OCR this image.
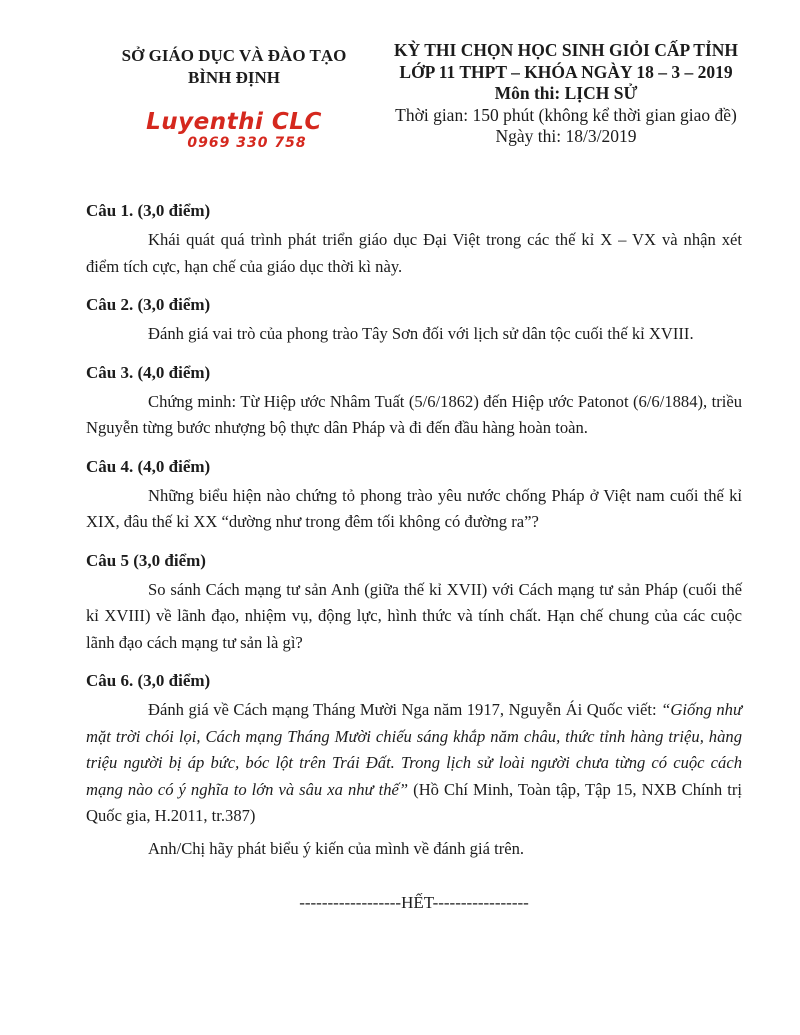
SỞ GIÁO DỤC VÀ ĐÀO TẠO
BÌNH ĐỊNH
Luyenthi CLC
0969 330 758
KỲ THI CHỌN HỌC SINH GIỎI CẤP TỈNH
LỚP 11 THPT – KHÓA NGÀY 18 – 3 – 2019
Môn thi: LỊCH SỬ
Thời gian: 150 phút (không kể thời gian giao đề)
Ngày thi: 18/3/2019
Câu 1. (3,0 điểm)

Khái quát quá trình phát triển giáo dục Đại Việt trong các thế kỉ X – VX và nhận xét điểm tích cực, hạn chế của giáo dục thời kì này.

Câu 2. (3,0 điểm)

Đánh giá vai trò của phong trào Tây Sơn đối với lịch sử dân tộc cuối thế kỉ XVIII.

Câu 3. (4,0 điểm)

Chứng minh: Từ Hiệp ước Nhâm Tuất (5/6/1862) đến Hiệp ước Patonot (6/6/1884), triều Nguyễn từng bước nhượng bộ thực dân Pháp và đi đến đầu hàng hoàn toàn.

Câu 4. (4,0 điểm)

Những biểu hiện nào chứng tỏ phong trào yêu nước chống Pháp ở Việt nam cuối thế kỉ XIX, đâu thế kỉ XX “dường như trong đêm tối không có đường ra”?

Câu 5 (3,0 điểm)

So sánh Cách mạng tư sản Anh (giữa thế kỉ XVII) với Cách mạng tư sản Pháp (cuối thế kỉ XVIII) về lãnh đạo, nhiệm vụ, động lực, hình thức và tính chất. Hạn chế chung của các cuộc lãnh đạo cách mạng tư sản là gì?

Câu 6. (3,0 điểm)

Đánh giá về Cách mạng Tháng Mười Nga năm 1917, Nguyễn Ái Quốc viết: “Giống như mặt trời chói lọi, Cách mạng Tháng Mười chiếu sáng khắp năm châu, thức tỉnh hàng triệu, hàng triệu người bị áp bức, bóc lột trên Trái Đất. Trong lịch sử loài người chưa từng có cuộc cách mạng nào có ý nghĩa to lớn và sâu xa như thế” (Hồ Chí Minh, Toàn tập, Tập 15, NXB Chính trị Quốc gia, H.2011, tr.387)

Anh/Chị hãy phát biểu ý kiến của mình về đánh giá trên.

------------------HẾT-----------------
